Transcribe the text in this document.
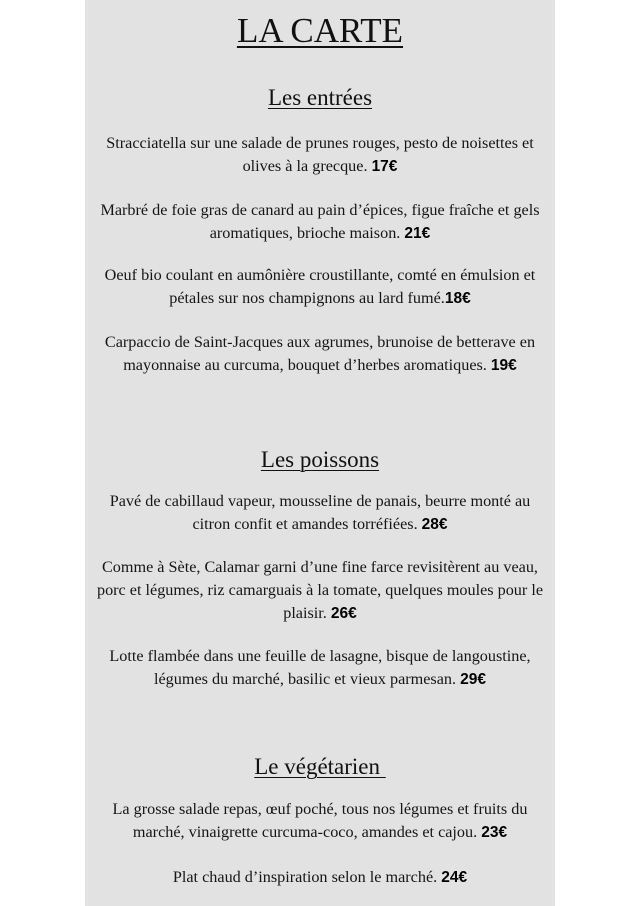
LA CARTE
Les entrées

Stracciatella sur une salade de prunes rouges, pesto de noisettes et olives à la grecque. 17€

Marbré de foie gras de canard au pain d’épices, figue fraîche et gels aromatiques, brioche maison. 21€

Oeuf bio coulant en aumônière croustillante, comté en émulsion et pétales sur nos champignons au lard fumé.18€

Carpaccio de Saint-Jacques aux agrumes, brunoise de betterave en mayonnaise au curcuma, bouquet d’herbes aromatiques. 19€

Les poissons

Pavé de cabillaud vapeur, mousseline de panais, beurre monté au citron confit et amandes torréfiées. 28€

Comme à Sète, Calamar garni d’une fine farce revisitèrent au veau, porc et légumes, riz camarguais à la tomate, quelques moules pour le plaisir. 26€

Lotte flambée dans une feuille de lasagne, bisque de langoustine, légumes du marché, basilic et vieux parmesan. 29€

Le végétarien

La grosse salade repas, œuf poché, tous nos légumes et fruits du marché, vinaigrette curcuma-coco, amandes et cajou. 23€

Plat chaud d’inspiration selon le marché. 24€
